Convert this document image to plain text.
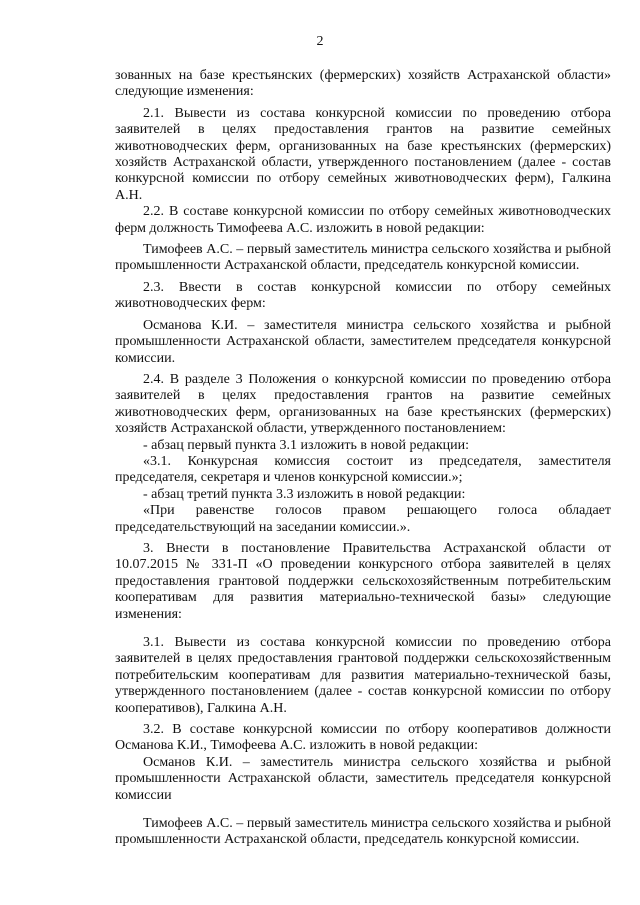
2

зованных на базе крестьянских (фермерских) хозяйств Астраханской области» следующие изменения:

2.1. Вывести из состава конкурсной комиссии по проведению отбора заявителей в целях предоставления грантов на развитие семейных животноводческих ферм, организованных на базе крестьянских (фермерских) хозяйств Астраханской области, утвержденного постановлением (далее - состав конкурсной комиссии по отбору семейных животноводческих ферм), Галкина А.Н.

2.2. В составе конкурсной комиссии по отбору семейных животноводческих ферм должность Тимофеева А.С. изложить в новой редакции:

Тимофеев А.С. – первый заместитель министра сельского хозяйства и рыбной промышленности Астраханской области, председатель конкурсной комиссии.

2.3. Ввести в состав конкурсной комиссии по отбору семейных животноводческих ферм:

Османова К.И. – заместителя министра сельского хозяйства и рыбной промышленности Астраханской области, заместителем председателя конкурсной комиссии.

2.4. В разделе 3 Положения о конкурсной комиссии по проведению отбора заявителей в целях предоставления грантов на развитие семейных животноводческих ферм, организованных на базе крестьянских (фермерских) хозяйств Астраханской области, утвержденного постановлением:

- абзац первый пункта 3.1 изложить в новой редакции:

«3.1. Конкурсная комиссия состоит из председателя, заместителя председателя, секретаря и членов конкурсной комиссии.»;

- абзац третий пункта 3.3 изложить в новой редакции:

«При равенстве голосов правом решающего голоса обладает председательствующий на заседании комиссии.».

3. Внести в постановление Правительства Астраханской области от 10.07.2015 № 331-П «О проведении конкурсного отбора заявителей в целях предоставления грантовой поддержки сельскохозяйственным потребительским кооперативам для развития материально-технической базы» следующие изменения:

3.1. Вывести из состава конкурсной комиссии по проведению отбора заявителей в целях предоставления грантовой поддержки сельскохозяйственным потребительским кооперативам для развития материально-технической базы, утвержденного постановлением (далее - состав конкурсной комиссии по отбору кооперативов), Галкина А.Н.

3.2. В составе конкурсной комиссии по отбору кооперативов должности Османова К.И., Тимофеева А.С. изложить в новой редакции:

Османов К.И. – заместитель министра сельского хозяйства и рыбной промышленности Астраханской области, заместитель председателя конкурсной комиссии

Тимофеев А.С. – первый заместитель министра сельского хозяйства и рыбной промышленности Астраханской области, председатель конкурсной комиссии.
